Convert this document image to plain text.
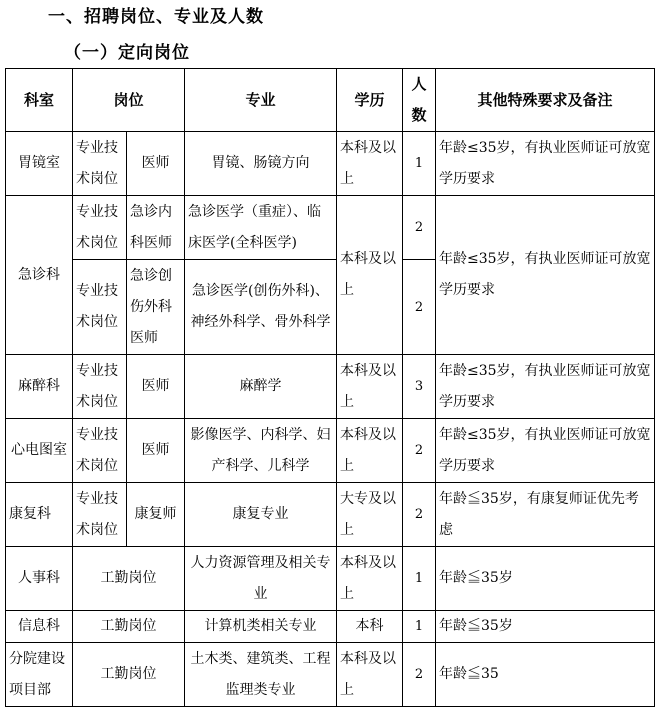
一、招聘岗位、专业及人数
（一）定向岗位
科室	岗位		专业	学历	人数	其他特殊要求及备注
胃镜室	专业技术岗位	医师	胃镜、肠镜方向	本科及以上	1	年龄≤35岁，有执业医师证可放宽学历要求
急诊科	专业技术岗位	急诊内科医师	急诊医学（重症）、临床医学(全科医学)	本科及以上	2	年龄≤35岁，有执业医师证可放宽学历要求
	专业技术岗位	急诊创伤外科医师	急诊医学(创伤外科)、神经外科学、骨外科学		2	
麻醉科	专业技术岗位	医师	麻醉学	本科及以上	3	年龄≤35岁，有执业医师证可放宽学历要求
心电图室	专业技术岗位	医师	影像医学、内科学、妇产科学、儿科学	本科及以上	2	年龄≤35岁，有执业医师证可放宽学历要求
康复科	专业技术岗位	康复师	康复专业	大专及以上	2	年龄≦35岁，有康复师证优先考虑
人事科	工勤岗位		人力资源管理及相关专业	本科及以上	1	年龄≦35岁
信息科	工勤岗位		计算机类相关专业	本科	1	年龄≦35岁
分院建设项目部	工勤岗位		土木类、建筑类、工程监理类专业	本科及以上	2	年龄≦35
